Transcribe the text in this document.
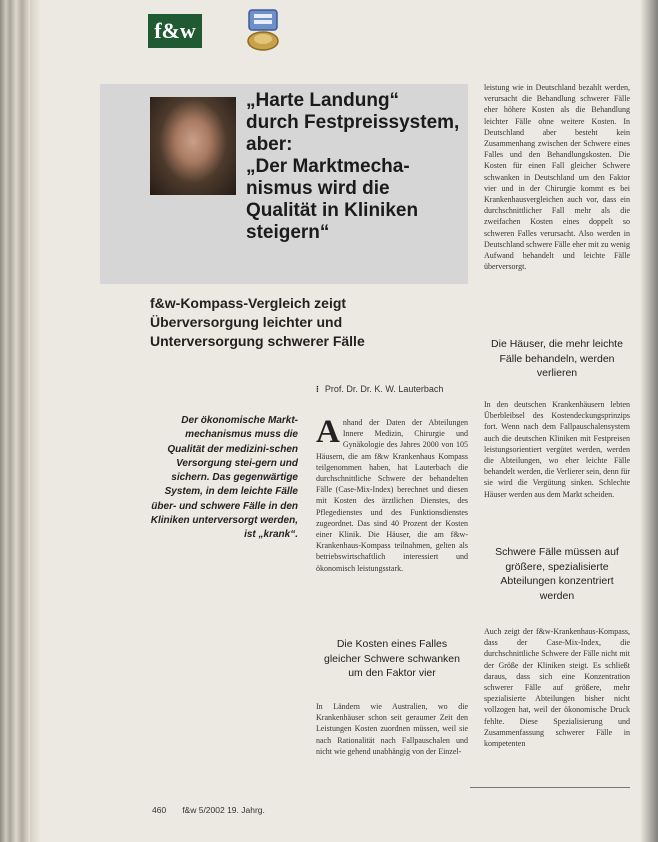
f&w
„Harte Landung“
durch Festpreissystem,
aber:
„Der Marktmecha-
nismus wird die
Qualität in Kliniken
steigern“
f&w-Kompass-Vergleich zeigt
Überversorgung leichter und
Unterversorgung schwerer Fälle
⁝ Prof. Dr. Dr. K. W. Lauterbach
Der ökonomische Markt-mechanismus muss die Qualität der medizini-schen Versorgung stei-gern und sichern. Das gegenwärtige System, in dem leichte Fälle über- und schwere Fälle in den Kliniken unterversorgt werden, ist „krank“.
Anhand der Daten der Abteilungen Innere Medizin, Chirurgie und Gynäkologie des Jahres 2000 von 105 Häusern, die am f&w Krankenhaus Kompass teilgenommen haben, hat Lauterbach die durchschnittliche Schwere der behandelten Fälle (Case-Mix-Index) berechnet und diesen mit Kosten des ärztlichen Dienstes, des Pflegedienstes und des Funktionsdienstes zugeordnet. Das sind 40 Prozent der Kosten einer Klinik. Die Häuser, die am f&w-Krankenhaus-Kompass teilnahmen, gelten als betriebswirtschaftlich interessiert und ökonomisch leistungsstark.
Die Kosten eines Falles gleicher Schwere schwanken um den Faktor vier
In Ländern wie Australien, wo die Krankenhäuser schon seit geraumer Zeit den Leistungen Kosten zuordnen müssen, weil sie nach Rationalität nach Fallpauschalen und nicht wie gehend unabhängig von der Einzel-
leistung wie in Deutschland bezahlt werden, verursacht die Behandlung schwerer Fälle eher höhere Kosten als die Behandlung leichter Fälle ohne weitere Kosten. In Deutschland aber besteht kein Zusammenhang zwischen der Schwere eines Falles und den Behandlungskosten. Die Kosten für einen Fall gleicher Schwere schwanken in Deutschland um den Faktor vier und in der Chirurgie kommt es bei Krankenhausvergleichen auch vor, dass ein durchschnittlicher Fall mehr als die zweifachen Kosten eines doppelt so schweren Falles verursacht. Also werden in Deutschland schwere Fälle eher mit zu wenig Aufwand behandelt und leichte Fälle überversorgt.
Die Häuser, die mehr leichte Fälle behandeln, werden verlieren
In den deutschen Krankenhäusern lebten Überbleibsel des Kostendeckungsprinzips fort. Wenn nach dem Fallpauschalensystem auch die deutschen Kliniken mit Festpreisen leistungsorientiert vergütet werden, werden die Abteilungen, wo eher leichte Fälle behandelt werden, die Verlierer sein, denn für sie wird die Vergütung sinken. Schlechte Häuser werden aus dem Markt scheiden.
Schwere Fälle müssen auf größere, spezialisierte Abteilungen konzentriert werden
Auch zeigt der f&w-Krankenhaus-Kompass, dass der Case-Mix-Index, die durchschnittliche Schwere der Fälle nicht mit der Größe der Kliniken steigt. Es schließt daraus, dass sich eine Konzentration schwerer Fälle auf größere, mehr spezialisierte Abteilungen bisher nicht vollzogen hat, weil der ökonomische Druck fehlte. Diese Spezialisierung und Zusammenfassung schwerer Fälle in kompetenten
460 f&w 5/2002 19. Jahrg.
